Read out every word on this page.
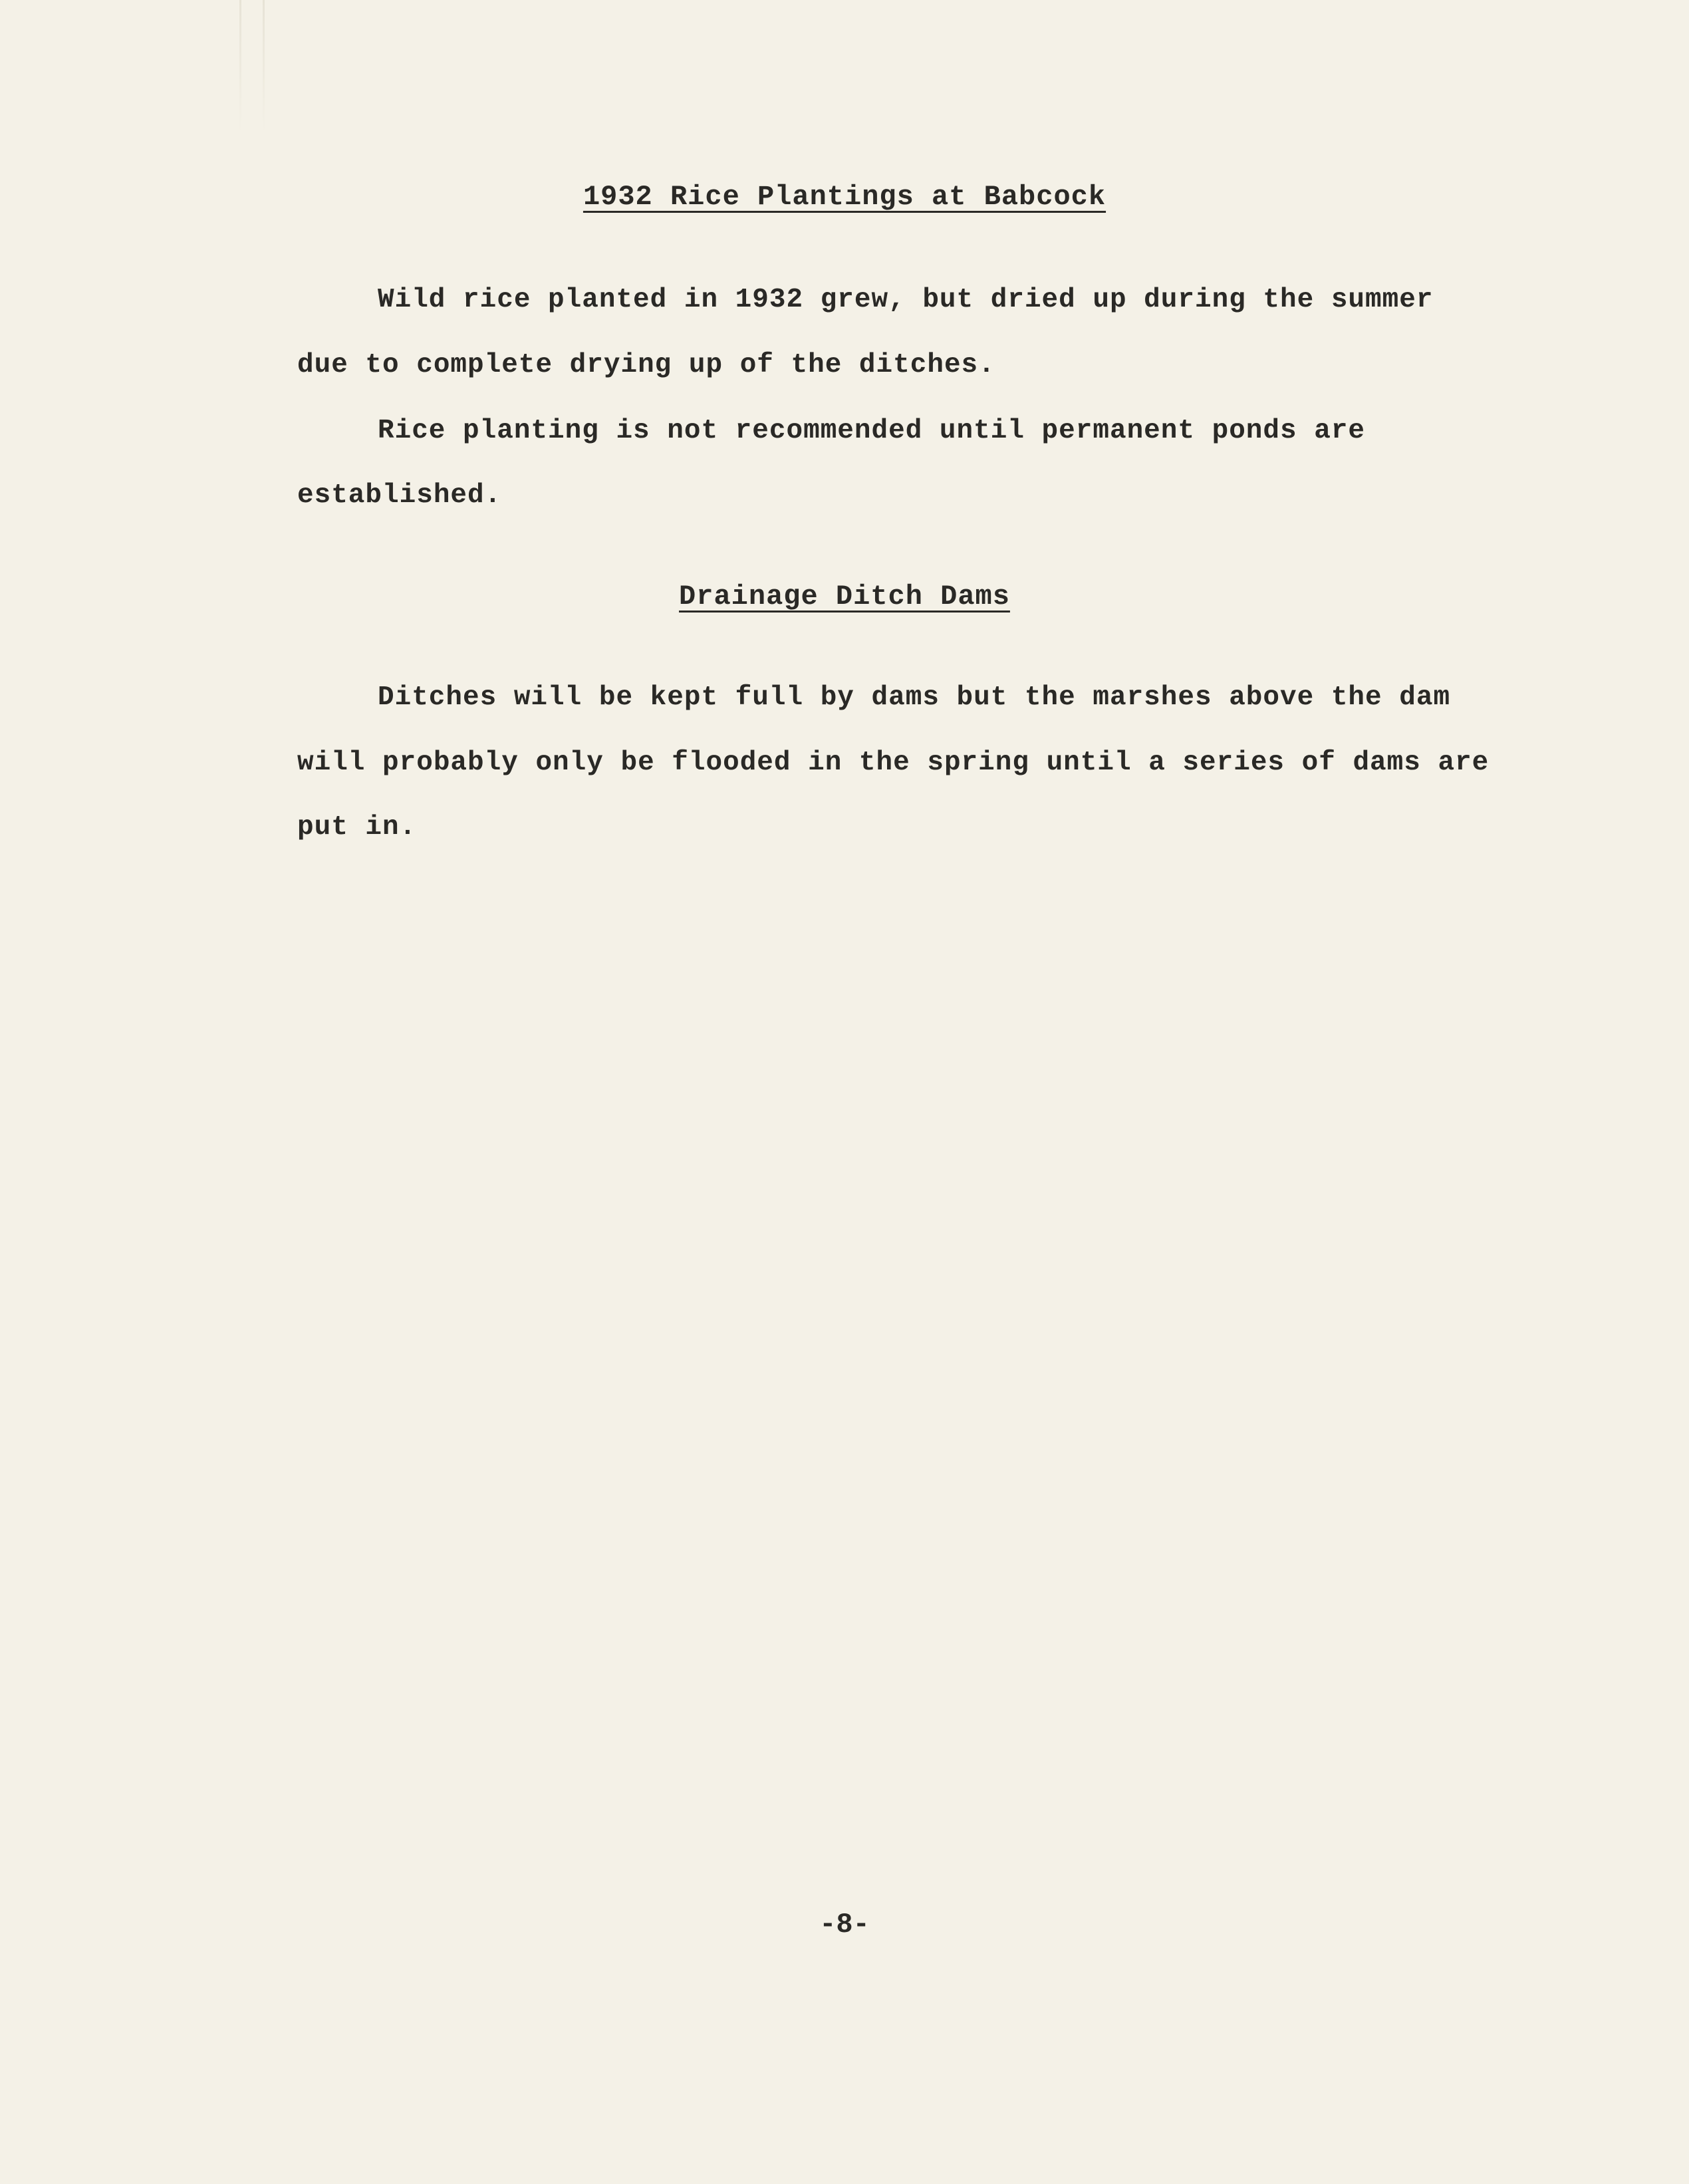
1932 Rice Plantings at Babcock
Wild rice planted in 1932 grew, but dried up during the summer
due to complete drying up of the ditches.
Rice planting is not recommended until permanent ponds are
established.
Drainage Ditch Dams
Ditches will be kept full by dams but the marshes above the dam
will probably only be flooded in the spring until a series of dams are
put in.
-8-
